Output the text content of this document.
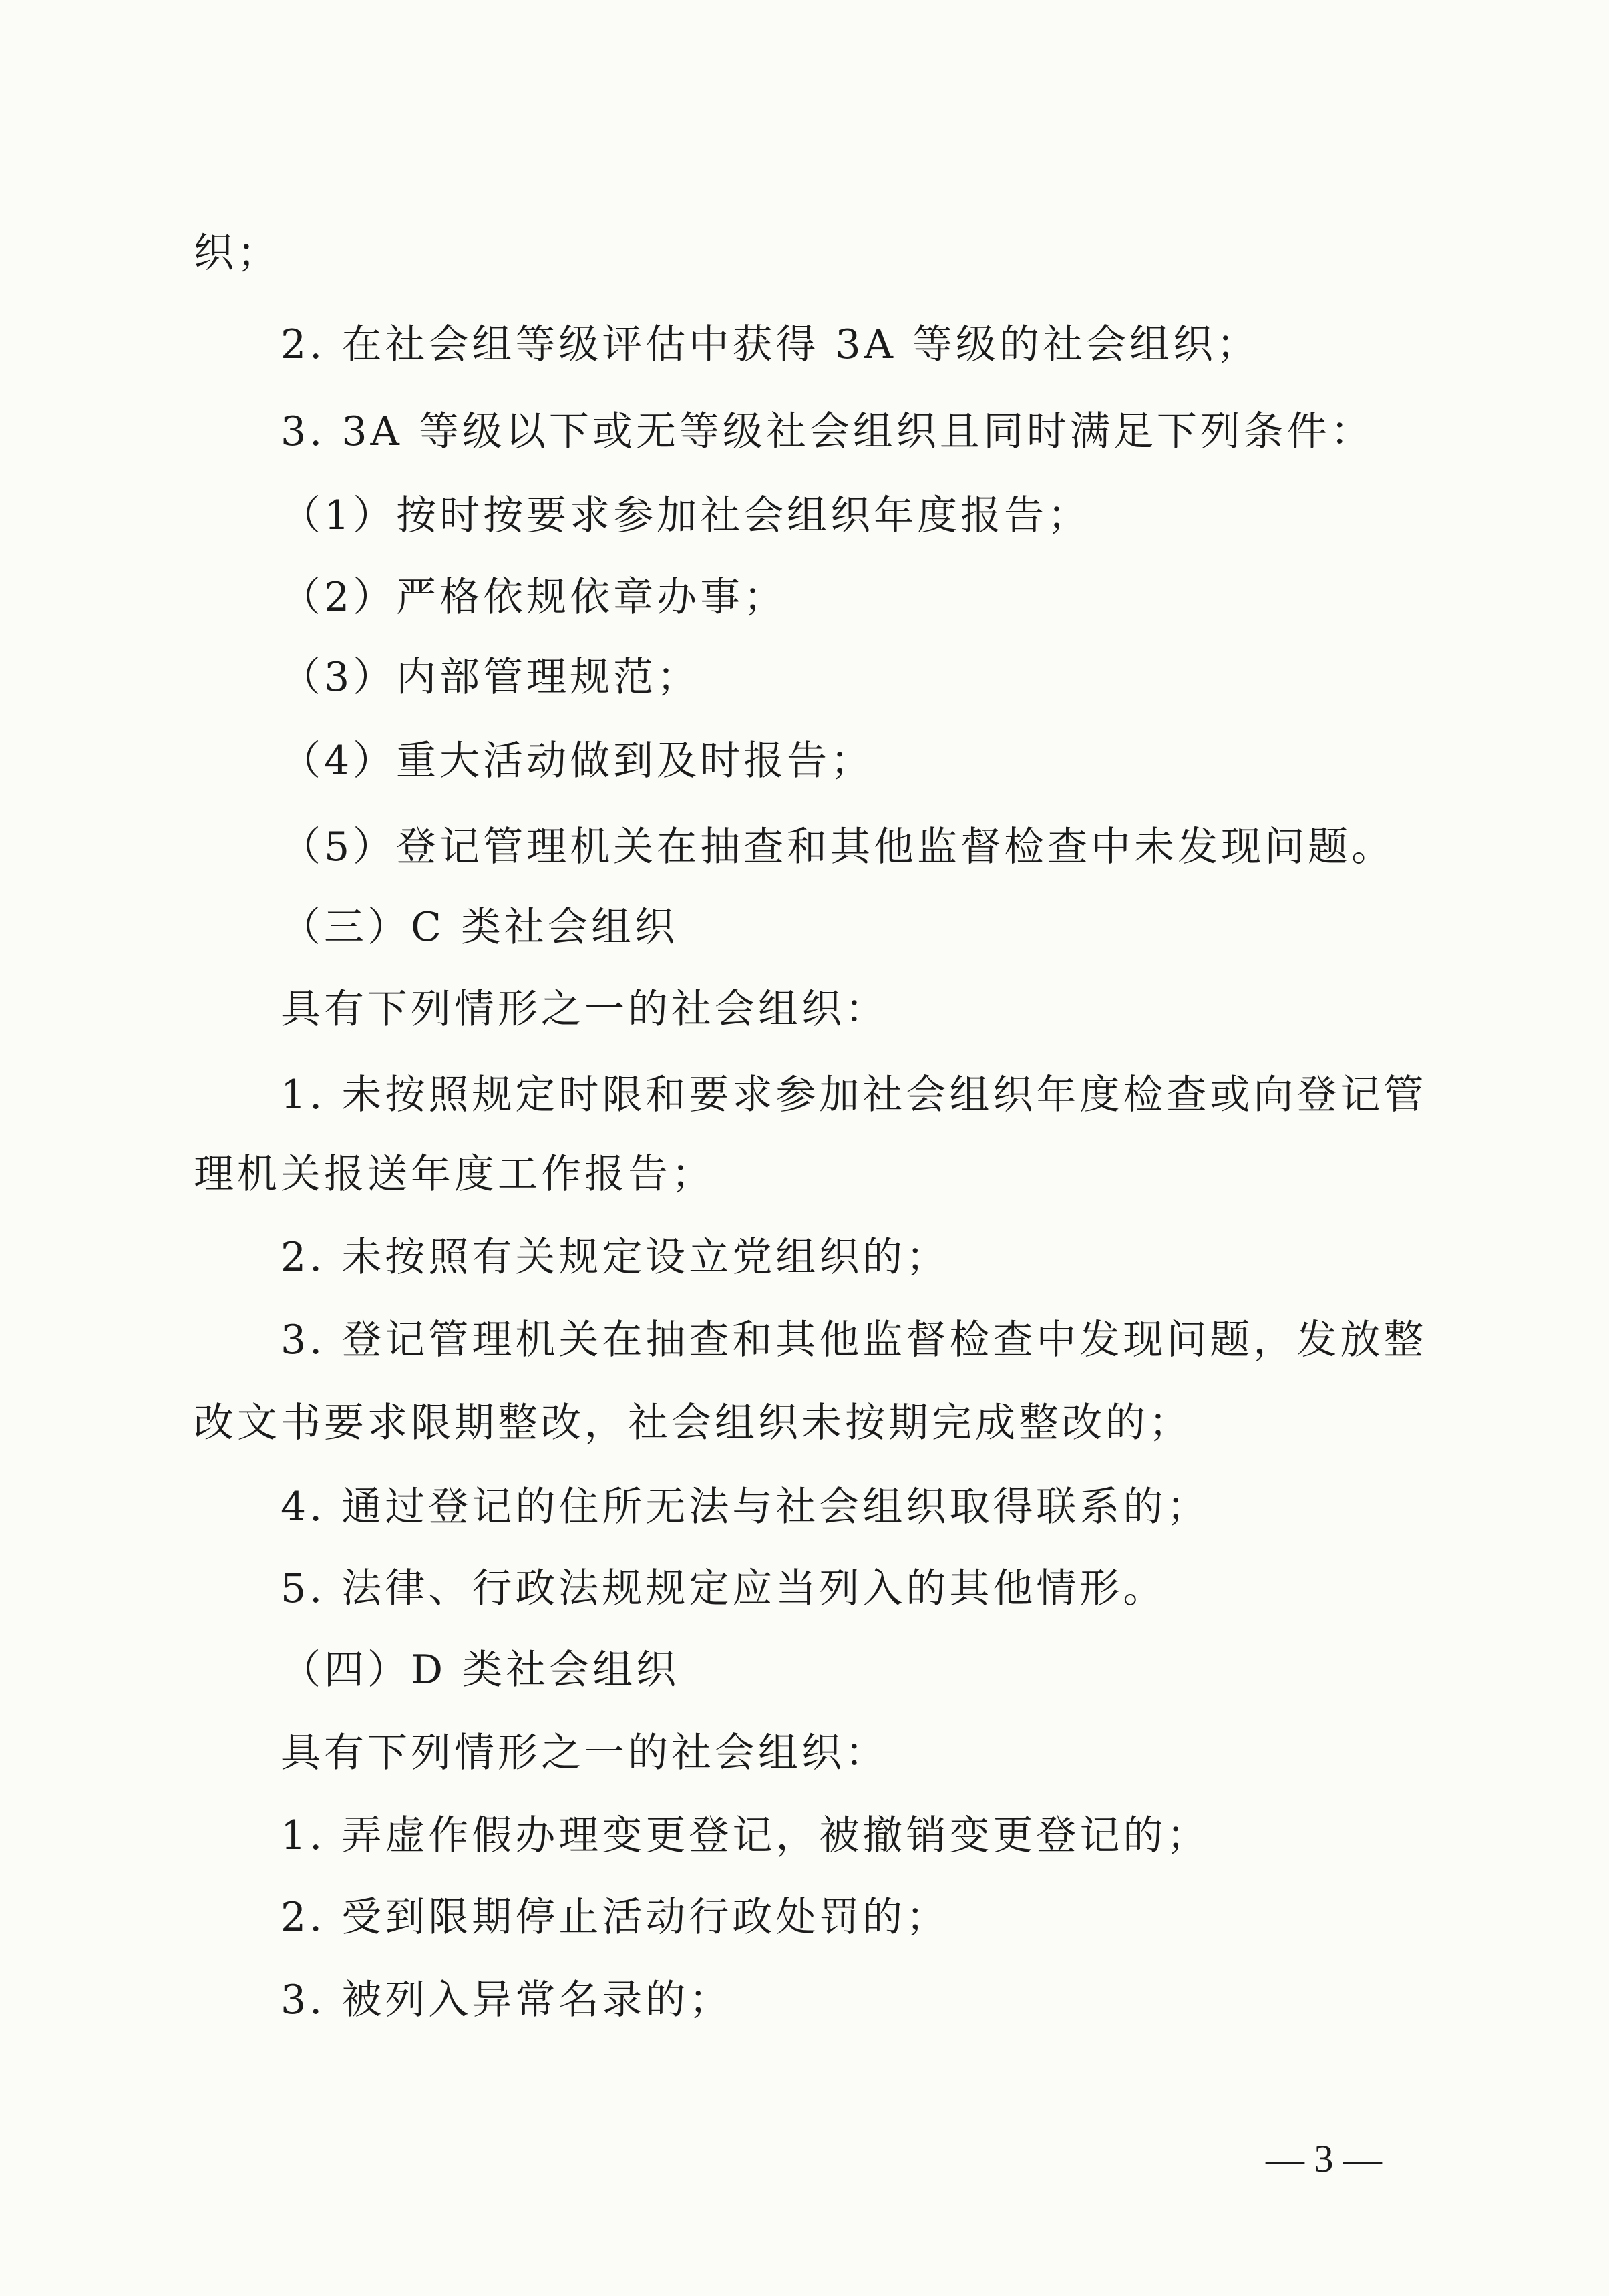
织；
2. 在社会组等级评估中获得 3A 等级的社会组织；
3. 3A 等级以下或无等级社会组织且同时满足下列条件：
（1）按时按要求参加社会组织年度报告；
（2）严格依规依章办事；
（3）内部管理规范；
（4）重大活动做到及时报告；
（5）登记管理机关在抽查和其他监督检查中未发现问题。
（三）C 类社会组织
具有下列情形之一的社会组织：
1. 未按照规定时限和要求参加社会组织年度检查或向登记管
理机关报送年度工作报告；
2. 未按照有关规定设立党组织的；
3. 登记管理机关在抽查和其他监督检查中发现问题，发放整
改文书要求限期整改，社会组织未按期完成整改的；
4. 通过登记的住所无法与社会组织取得联系的；
5. 法律、行政法规规定应当列入的其他情形。
（四）D 类社会组织
具有下列情形之一的社会组织：
1. 弄虚作假办理变更登记，被撤销变更登记的；
2. 受到限期停止活动行政处罚的；
3. 被列入异常名录的；
— 3 —
